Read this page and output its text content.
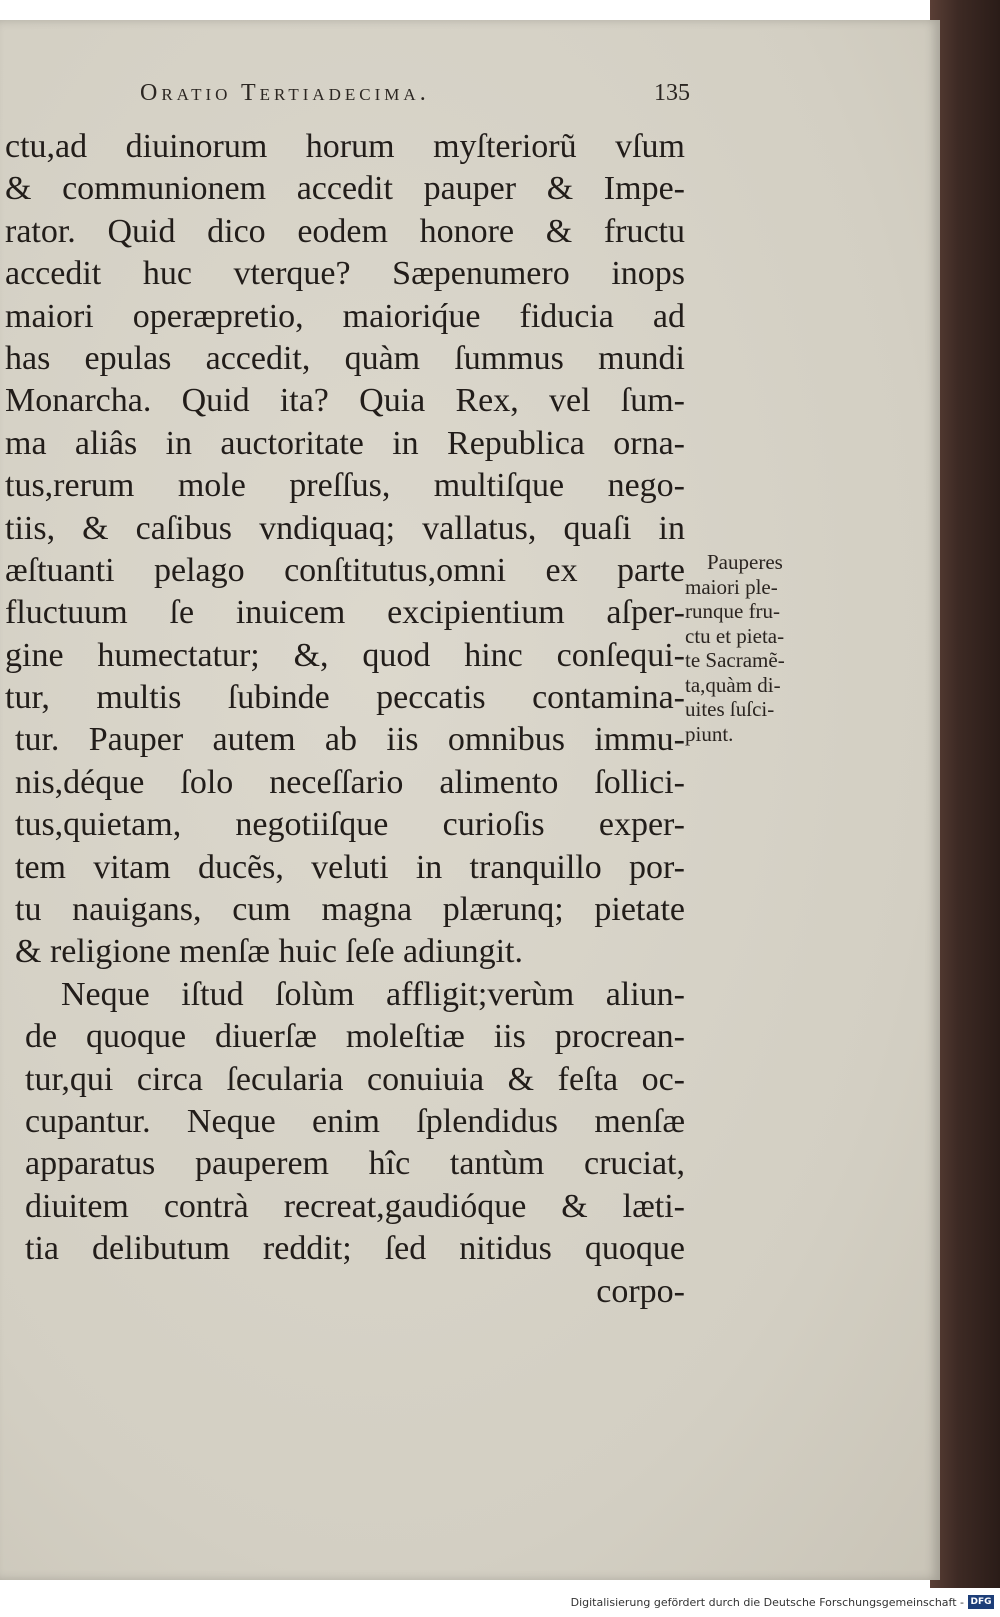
Oratio Tertiadecima.	135
ctu,ad diuinorum horum myſteriorũ vſum
& communionem accedit pauper & Impe-
rator. Quid dico eodem honore & fructu
accedit huc vterque? Sæpenumero inops
maiori operæpretio, maioriq́ue fiducia ad
has epulas accedit, quàm ſummus mundi
Monarcha. Quid ita? Quia Rex, vel ſum-
ma aliâs in auctoritate in Republica orna-
tus,rerum mole preſſus, multiſque nego-
tiis, & caſibus vndiquaq; vallatus, quaſi in
æſtuanti pelago conſtitutus,omni ex parte
fluctuum ſe inuicem excipientium aſper-
gine humectatur; &, quod hinc conſequi-
tur, multis ſubinde peccatis contamina-
tur. Pauper autem ab iis omnibus immu-
nis,déque ſolo neceſſario alimento ſollici-
tus,quietam, negotiiſque curioſis exper-
tem vitam ducẽs, veluti in tranquillo por-
tu nauigans, cum magna plærunq; pietate
& religione menſæ huic ſeſe adiungit.
Neque iſtud ſolùm affligit;verùm aliun-
de quoque diuerſæ moleſtiæ iis procrean-
tur,qui circa ſecularia conuiuia & feſta oc-
cupantur. Neque enim ſplendidus menſæ
apparatus pauperem hîc tantùm cruciat,
diuitem contrà recreat,gaudióque & læti-
tia delibutum reddit; ſed nitidus quoque
corpo-
Pauperes
maiori ple-
runque fru-
ctu et pieta-
te Sacramẽ-
ta,quàm di-
uites ſuſci-
piunt.
Digitalisierung gefördert durch die Deutsche Forschungsgemeinschaft - DFG
